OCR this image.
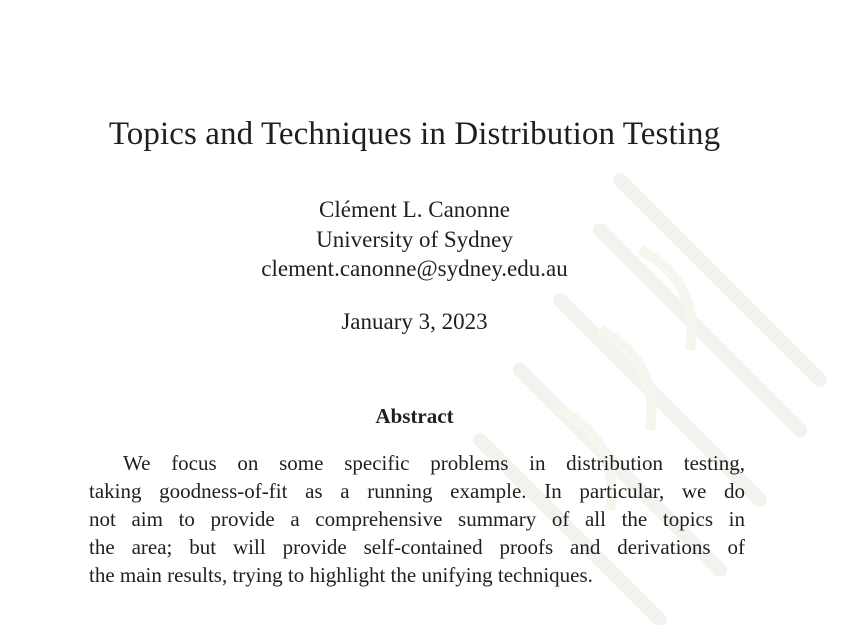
Topics and Techniques in Distribution Testing
Clément L. Canonne
University of Sydney
clement.canonne@sydney.edu.au
January 3, 2023
Abstract
We focus on some specific problems in distribution testing,
taking goodness-of-fit as a running example. In particular, we do
not aim to provide a comprehensive summary of all the topics in
the area; but will provide self-contained proofs and derivations of
the main results, trying to highlight the unifying techniques.
